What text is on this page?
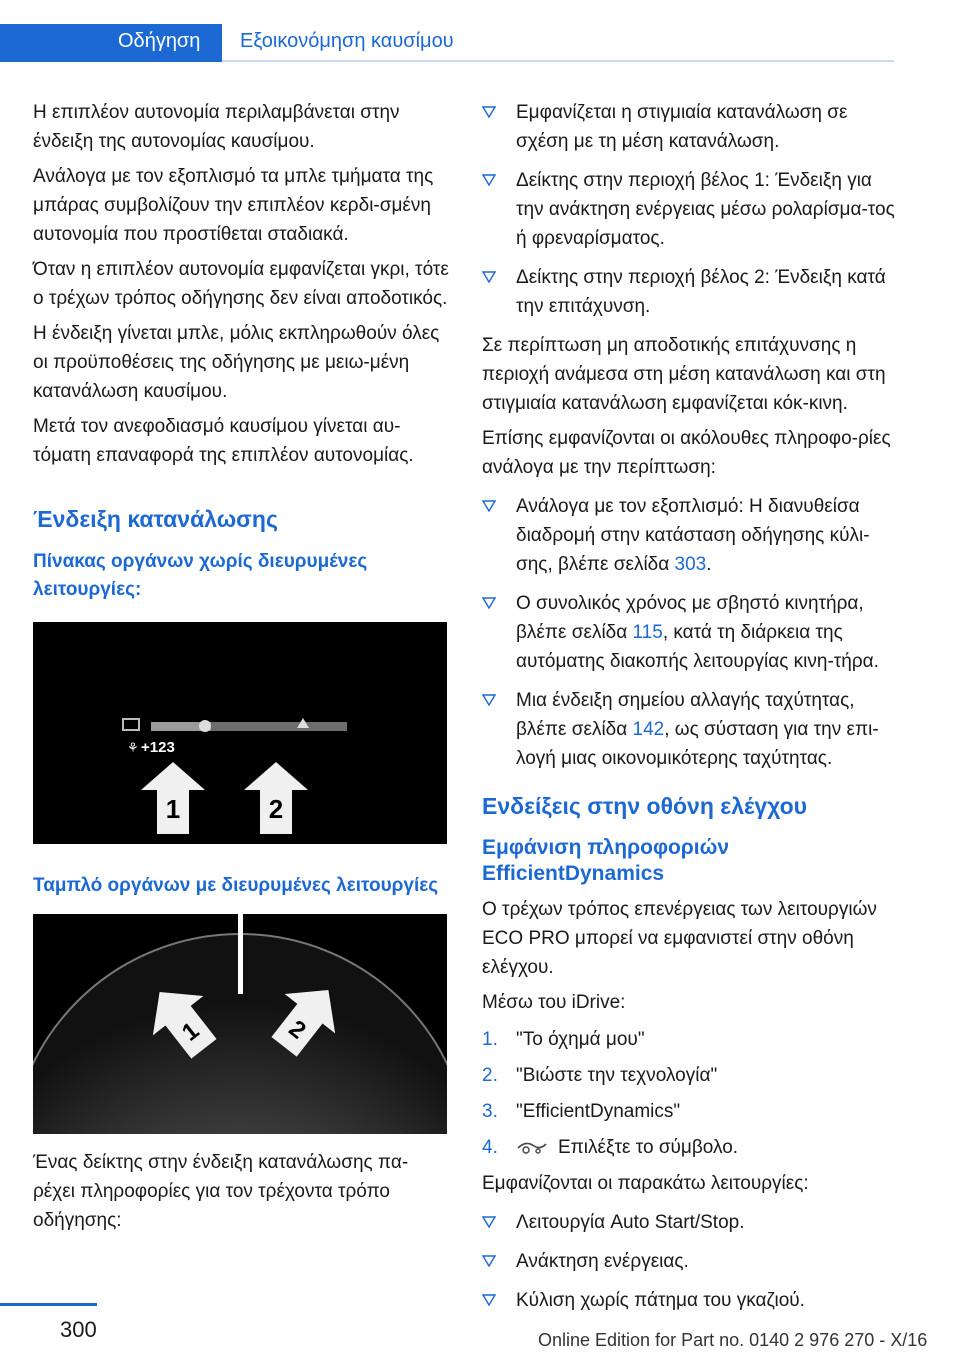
Οδήγηση Εξοικονόμηση καυσίμου

Η επιπλέον αυτονομία περιλαμβάνεται στην ένδειξη της αυτονομίας καυσίμου.

Ανάλογα με τον εξοπλισμό τα μπλε τμήματα της μπάρας συμβολίζουν την επιπλέον κερδι-σμένη αυτονομία που προστίθεται σταδιακά.

Όταν η επιπλέον αυτονομία εμφανίζεται γκρι, τότε ο τρέχων τρόπος οδήγησης δεν είναι αποδοτικός.

Η ένδειξη γίνεται μπλε, μόλις εκπληρωθούν όλες οι προϋποθέσεις της οδήγησης με μειω-μένη κατανάλωση καυσίμου.

Μετά τον ανεφοδιασμό καυσίμου γίνεται αυ-τόματη επαναφορά της επιπλέον αυτονομίας.

Ένδειξη κατανάλωσης
Πίνακας οργάνων χωρίς διευρυμένες λειτουργίες:
⚘ +123
1	2
Ταμπλό οργάνων με διευρυμένες λειτουργίες
1	2

Ένας δείκτης στην ένδειξη κατανάλωσης πα-ρέχει πληροφορίες για τον τρέχοντα τρόπο οδήγησης:

Εμφανίζεται η στιγμιαία κατανάλωση σε σχέση με τη μέση κατανάλωση.
Δείκτης στην περιοχή βέλος 1: Ένδειξη για την ανάκτηση ενέργειας μέσω ρολαρίσμα-τος ή φρεναρίσματος.
Δείκτης στην περιοχή βέλος 2: Ένδειξη κατά την επιτάχυνση.

Σε περίπτωση μη αποδοτικής επιτάχυνσης η περιοχή ανάμεσα στη μέση κατανάλωση και στη στιγμιαία κατανάλωση εμφανίζεται κόκ-κινη.

Επίσης εμφανίζονται οι ακόλουθες πληροφο-ρίες ανάλογα με την περίπτωση:

Ανάλογα με τον εξοπλισμό: Η διανυθείσα διαδρομή στην κατάσταση οδήγησης κύλι-σης, βλέπε σελίδα 303.
Ο συνολικός χρόνος με σβηστό κινητήρα, βλέπε σελίδα 115, κατά τη διάρκεια της αυτόματης διακοπής λειτουργίας κινη-τήρα.
Μια ένδειξη σημείου αλλαγής ταχύτητας, βλέπε σελίδα 142, ως σύσταση για την επι-λογή μιας οικονομικότερης ταχύτητας.
Ενδείξεις στην οθόνη ελέγχου
Εμφάνιση πληροφοριών EfficientDynamics

Ο τρέχων τρόπος επενέργειας των λειτουργιών ECO PRO μπορεί να εμφανιστεί στην οθόνη ελέγχου.

Μέσω του iDrive:

1. "Το όχημά μου"
2. "Βιώστε την τεχνολογία"
3. "EfficientDynamics"
4.	Επιλέξτε το σύμβολο.

Εμφανίζονται οι παρακάτω λειτουργίες:

Λειτουργία Auto Start/Stop.
Ανάκτηση ενέργειας.
Κύλιση χωρίς πάτημα του γκαζιού.
300	Online Edition for Part no. 0140 2 976 270 - X/16
